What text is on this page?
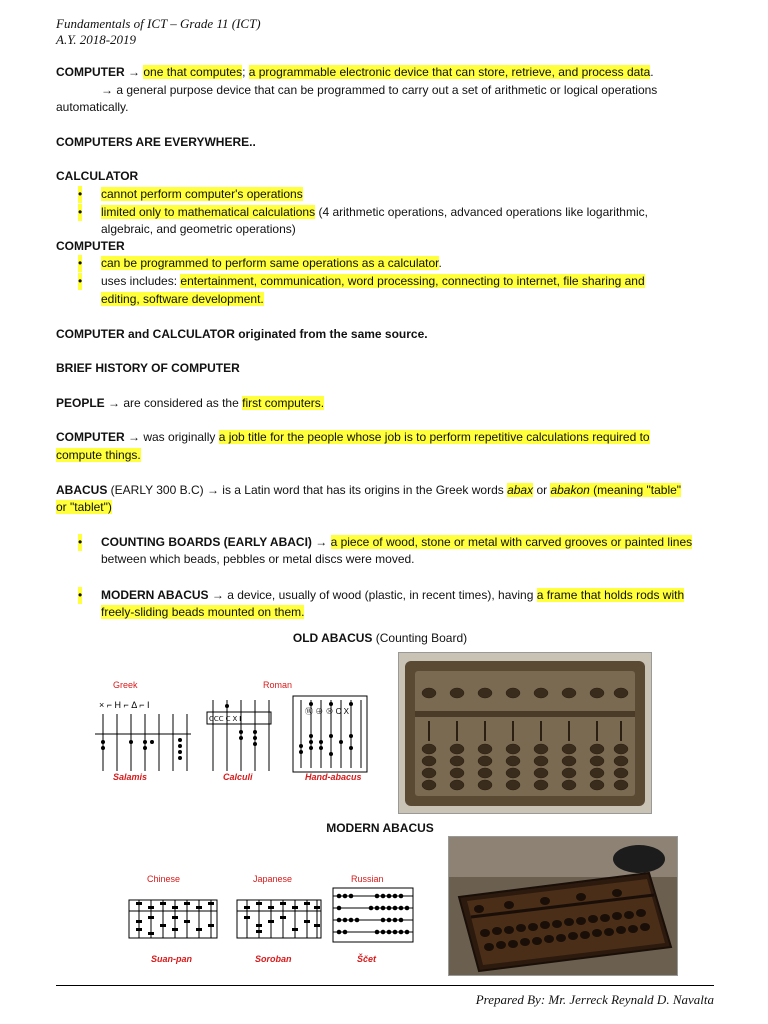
Fundamentals of ICT – Grade 11 (ICT)
A.Y. 2018-2019
COMPUTER → one that computes; a programmable electronic device that can store, retrieve, and process data.
→ a general purpose device that can be programmed to carry out a set of arithmetic or logical operations
automatically.
COMPUTERS ARE EVERYWHERE..
CALCULATOR
• cannot perform computer's operations
• limited only to mathematical calculations (4 arithmetic operations, advanced operations like logarithmic,
algebraic, and geometric operations)
COMPUTER
• can be programmed to perform same operations as a calculator.
• uses includes: entertainment, communication, word processing, connecting to internet, file sharing and
editing, software development.
COMPUTER and CALCULATOR originated from the same source.
BRIEF HISTORY OF COMPUTER
PEOPLE → are considered as the first computers.
COMPUTER → was originally a job title for the people whose job is to perform repetitive calculations required to
compute things.
ABACUS (EARLY 300 B.C) → is a Latin word that has its origins in the Greek words abax or abakon (meaning "table"
or "tablet")
• COUNTING BOARDS (EARLY ABACI) → a piece of wood, stone or metal with carved grooves or painted lines
between which beads, pebbles or metal discs were moved.
• MODERN ABACUS → a device, usually of wood (plastic, in recent times), having a frame that holds rods with
freely-sliding beads mounted on them.
OLD ABACUS (Counting Board)
Greek
× ⌐ H ⌐ Δ ⌐ I
Salamis
Roman
ⅭⅭⅭ Ⅽ Ⅹ Ⅰ
Calculi
Ⓦ ⊕ ⊗ C X
Hand-abacus
MODERN ABACUS
Chinese
Suan-pan
Japanese
Soroban
Russian
Ščet
Prepared By: Mr. Jerreck Reynald D. Navalta
